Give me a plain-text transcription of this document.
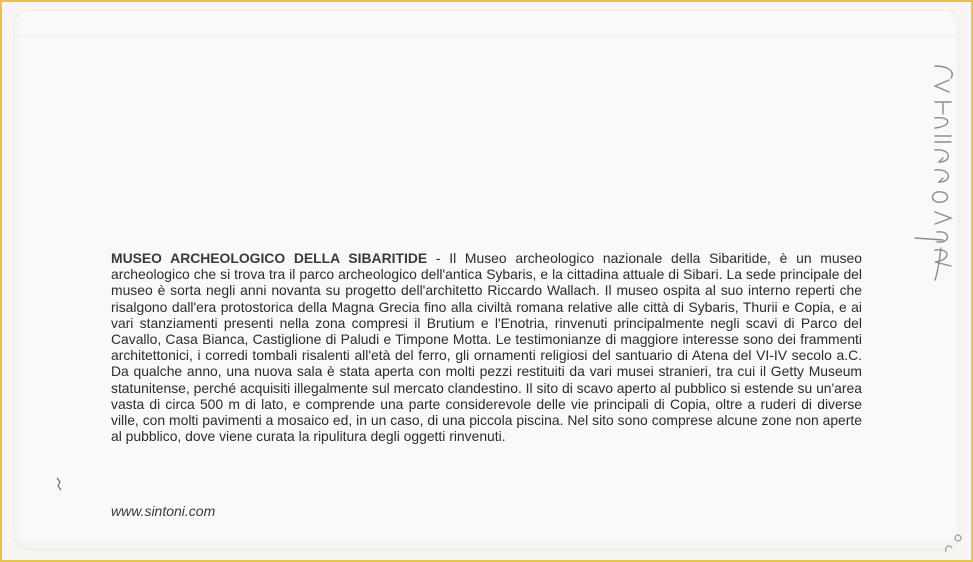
MUSEO ARCHEOLOGICO DELLA SIBARITIDE - Il Museo archeologico nazionale della Sibaritide, è un museo archeologico che si trova tra il parco archeologico dell'antica Sybaris, e la cittadina attuale di Sibari. La sede principale del museo è sorta negli anni novanta su progetto dell'architetto Riccardo Wallach. Il museo ospita al suo interno reperti che risalgono dall'era protostorica della Magna Grecia fino alla civiltà romana relative alle città di Sybaris, Thurii e Copia, e ai vari stanziamenti presenti nella zona compresi il Brutium e l'Enotria, rinvenuti principalmente negli scavi di Parco del Cavallo, Casa Bianca, Castiglione di Paludi e Timpone Motta. Le testimonianze di maggiore interesse sono dei frammenti architettonici, i corredi tombali risalenti all'età del ferro, gli ornamenti religiosi del santuario di Atena del VI-IV secolo a.C. Da qualche anno, una nuova sala è stata aperta con molti pezzi restituiti da vari musei stranieri, tra cui il Getty Museum statunitense, perché acquisiti illegalmente sul mercato clandestino. Il sito di scavo aperto al pubblico si estende su un'area vasta di circa 500 m di lato, e comprende una parte considerevole delle vie principali di Copia, oltre a ruderi di diverse ville, con molti pavimenti a mosaico ed, in un caso, di una piccola piscina. Nel sito sono comprese alcune zone non aperte al pubblico, dove viene curata la ripulitura degli oggetti rinvenuti.
www.sintoni.com
